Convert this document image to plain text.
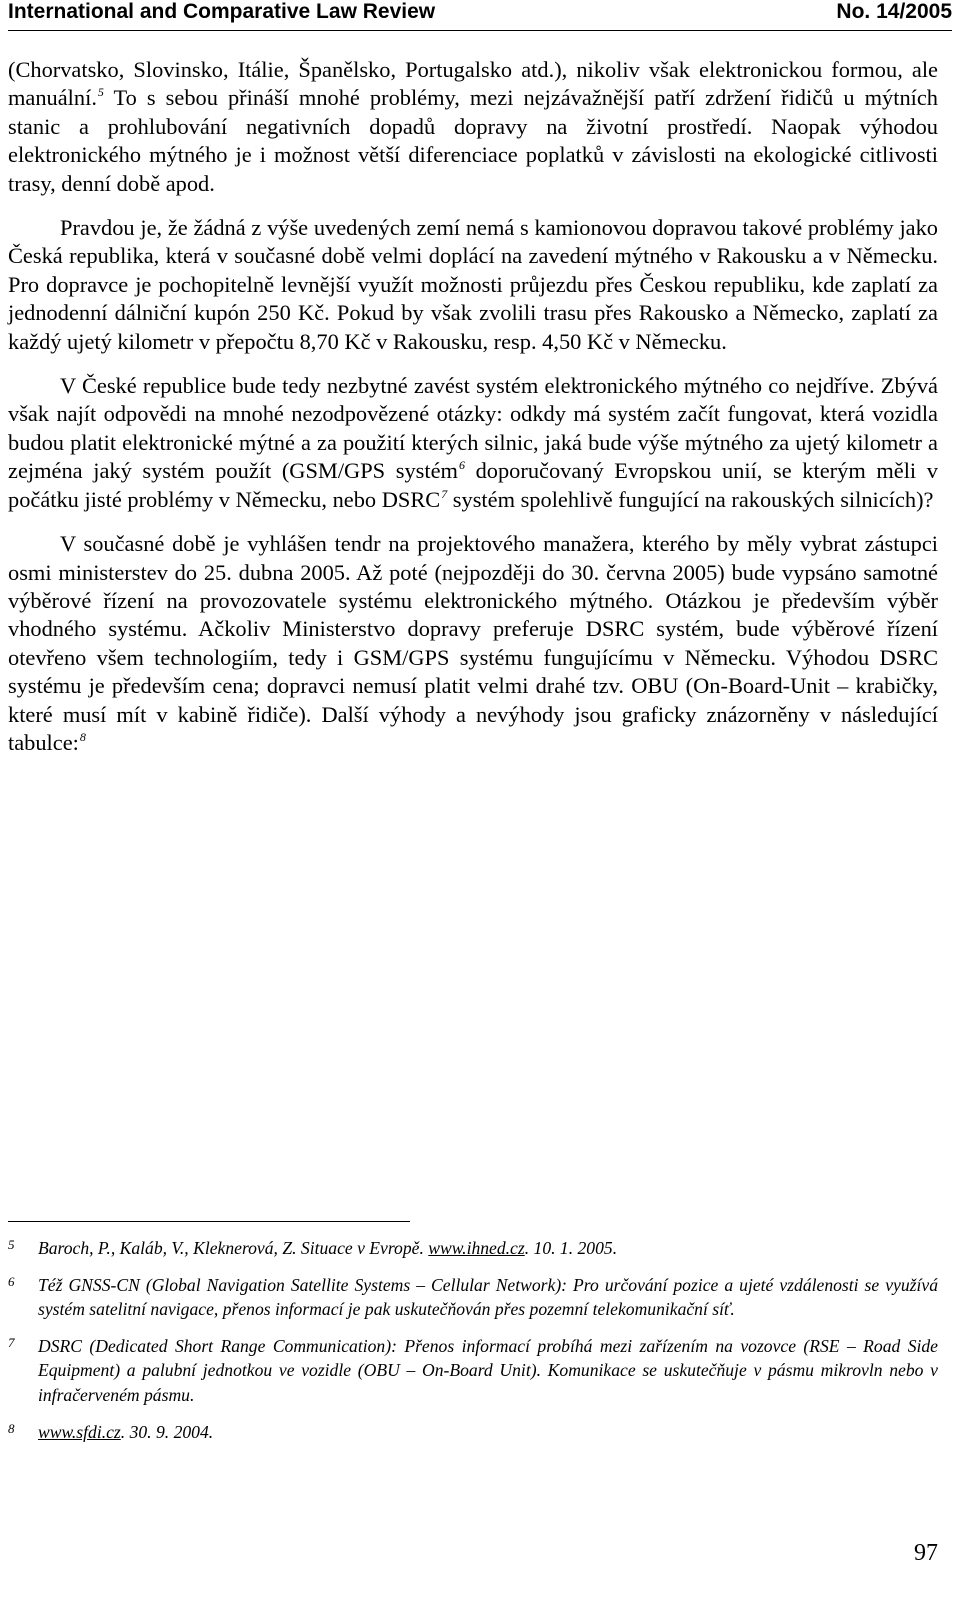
International and Comparative Law Review	No. 14/2005

(Chorvatsko, Slovinsko, Itálie, Španělsko, Portugalsko atd.), nikoliv však elektronickou formou, ale manuální.$^5$ To s sebou přináší mnohé problémy, mezi nejzávažnější patří zdržení řidičů u mýtních stanic a prohlubování negativních dopadů dopravy na životní prostředí. Naopak výhodou elektronického mýtného je i možnost větší diferenciace poplatků v závislosti na ekologické citlivosti trasy, denní době apod.

Pravdou je, že žádná z výše uvedených zemí nemá s kamionovou dopravou takové problémy jako Česká republika, která v současné době velmi doplácí na zavedení mýtného v Rakousku a v Německu. Pro dopravce je pochopitelně levnější využít možnosti průjezdu přes Českou republiku, kde zaplatí za jednodenní dálniční kupón 250 Kč. Pokud by však zvolili trasu přes Rakousko a Německo, zaplatí za každý ujetý kilometr v přepočtu 8,70 Kč v Rakousku, resp. 4,50 Kč v Německu.

V České republice bude tedy nezbytné zavést systém elektronického mýtného co nejdříve. Zbývá však najít odpovědi na mnohé nezodpovězené otázky: odkdy má systém začít fungovat, která vozidla budou platit elektronické mýtné a za použití kterých silnic, jaká bude výše mýtného za ujetý kilometr a zejména jaký systém použít (GSM/GPS systém$^6$ doporučovaný Evropskou unií, se kterým měli v počátku jisté problémy v Německu, nebo DSRC$^7$ systém spolehlivě fungující na rakouských silnicích)?

V současné době je vyhlášen tendr na projektového manažera, kterého by měly vybrat zástupci osmi ministerstev do 25. dubna 2005. Až poté (nejpozději do 30. června 2005) bude vypsáno samotné výběrové řízení na provozovatele systému elektronického mýtného. Otázkou je především výběr vhodného systému. Ačkoliv Ministerstvo dopravy preferuje DSRC systém, bude výběrové řízení otevřeno všem technologiím, tedy i GSM/GPS systému fungujícímu v Německu. Výhodou DSRC systému je především cena; dopravci nemusí platit velmi drahé tzv. OBU (On-Board-Unit – krabičky, které musí mít v kabině řidiče). Další výhody a nevýhody jsou graficky znázorněny v následující tabulce:$^8$

5	Baroch, P., Kaláb, V., Kleknerová, Z. Situace v Evropě. www.ihned.cz. 10. 1. 2005.
6	Též GNSS-CN (Global Navigation Satellite Systems – Cellular Network): Pro určování pozice a ujeté vzdálenosti se využívá systém satelitní navigace, přenos informací je pak uskutečňován přes pozemní telekomunikační síť.
7	DSRC (Dedicated Short Range Communication): Přenos informací probíhá mezi zařízením na vozovce (RSE – Road Side Equipment) a palubní jednotkou ve vozidle (OBU – On-Board Unit). Komunikace se uskutečňuje v pásmu mikrovln nebo v infračerveném pásmu.
8	www.sfdi.cz. 30. 9. 2004.
97
